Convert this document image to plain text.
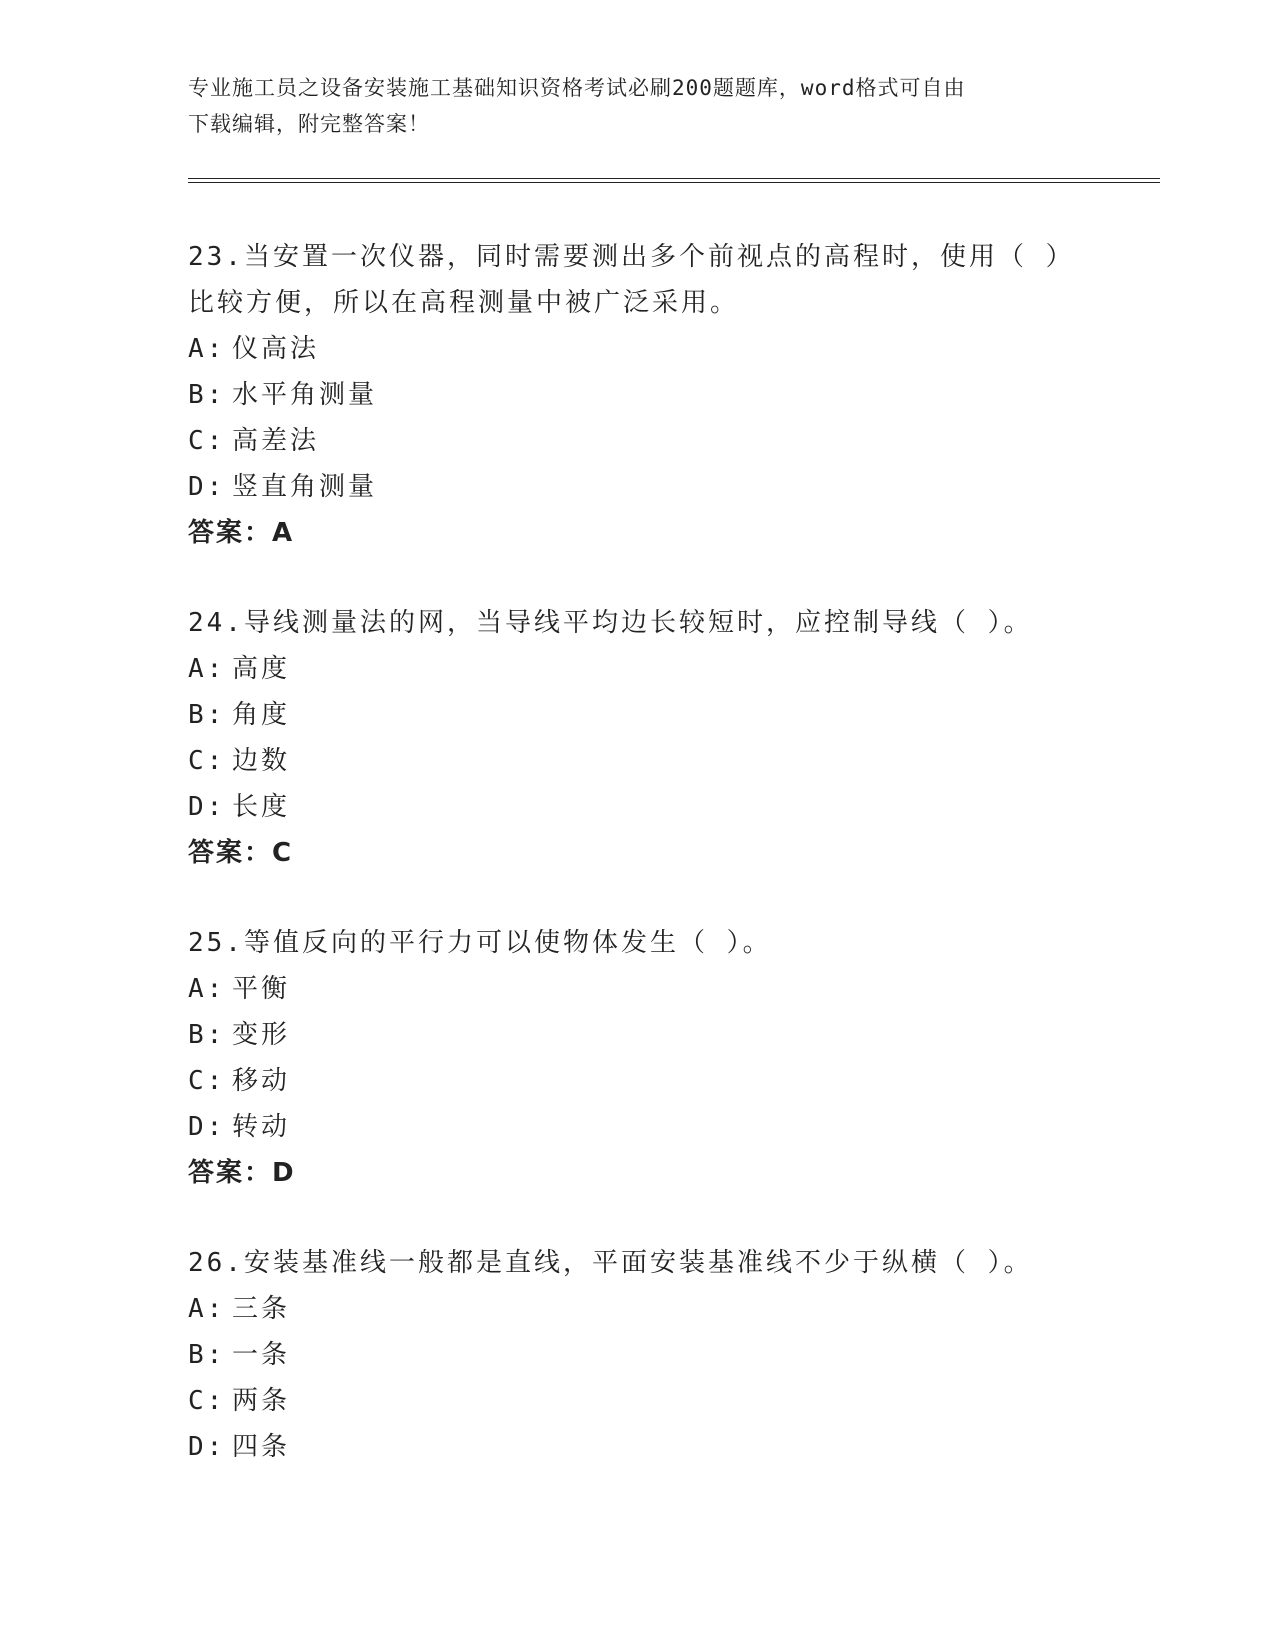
专业施工员之设备安装施工基础知识资格考试必刷200题题库，word格式可自由
下载编辑，附完整答案！
23.当安置一次仪器，同时需要测出多个前视点的高程时，使用（ ）
比较方便，所以在高程测量中被广泛采用。
A: 仪高法
B: 水平角测量
C: 高差法
D: 竖直角测量
答案：A
24.导线测量法的网，当导线平均边长较短时，应控制导线（ ）。
A: 高度
B: 角度
C: 边数
D: 长度
答案：C
25.等值反向的平行力可以使物体发生（ ）。
A: 平衡
B: 变形
C: 移动
D: 转动
答案：D
26.安装基准线一般都是直线，平面安装基准线不少于纵横（ ）。
A: 三条
B: 一条
C: 两条
D: 四条
